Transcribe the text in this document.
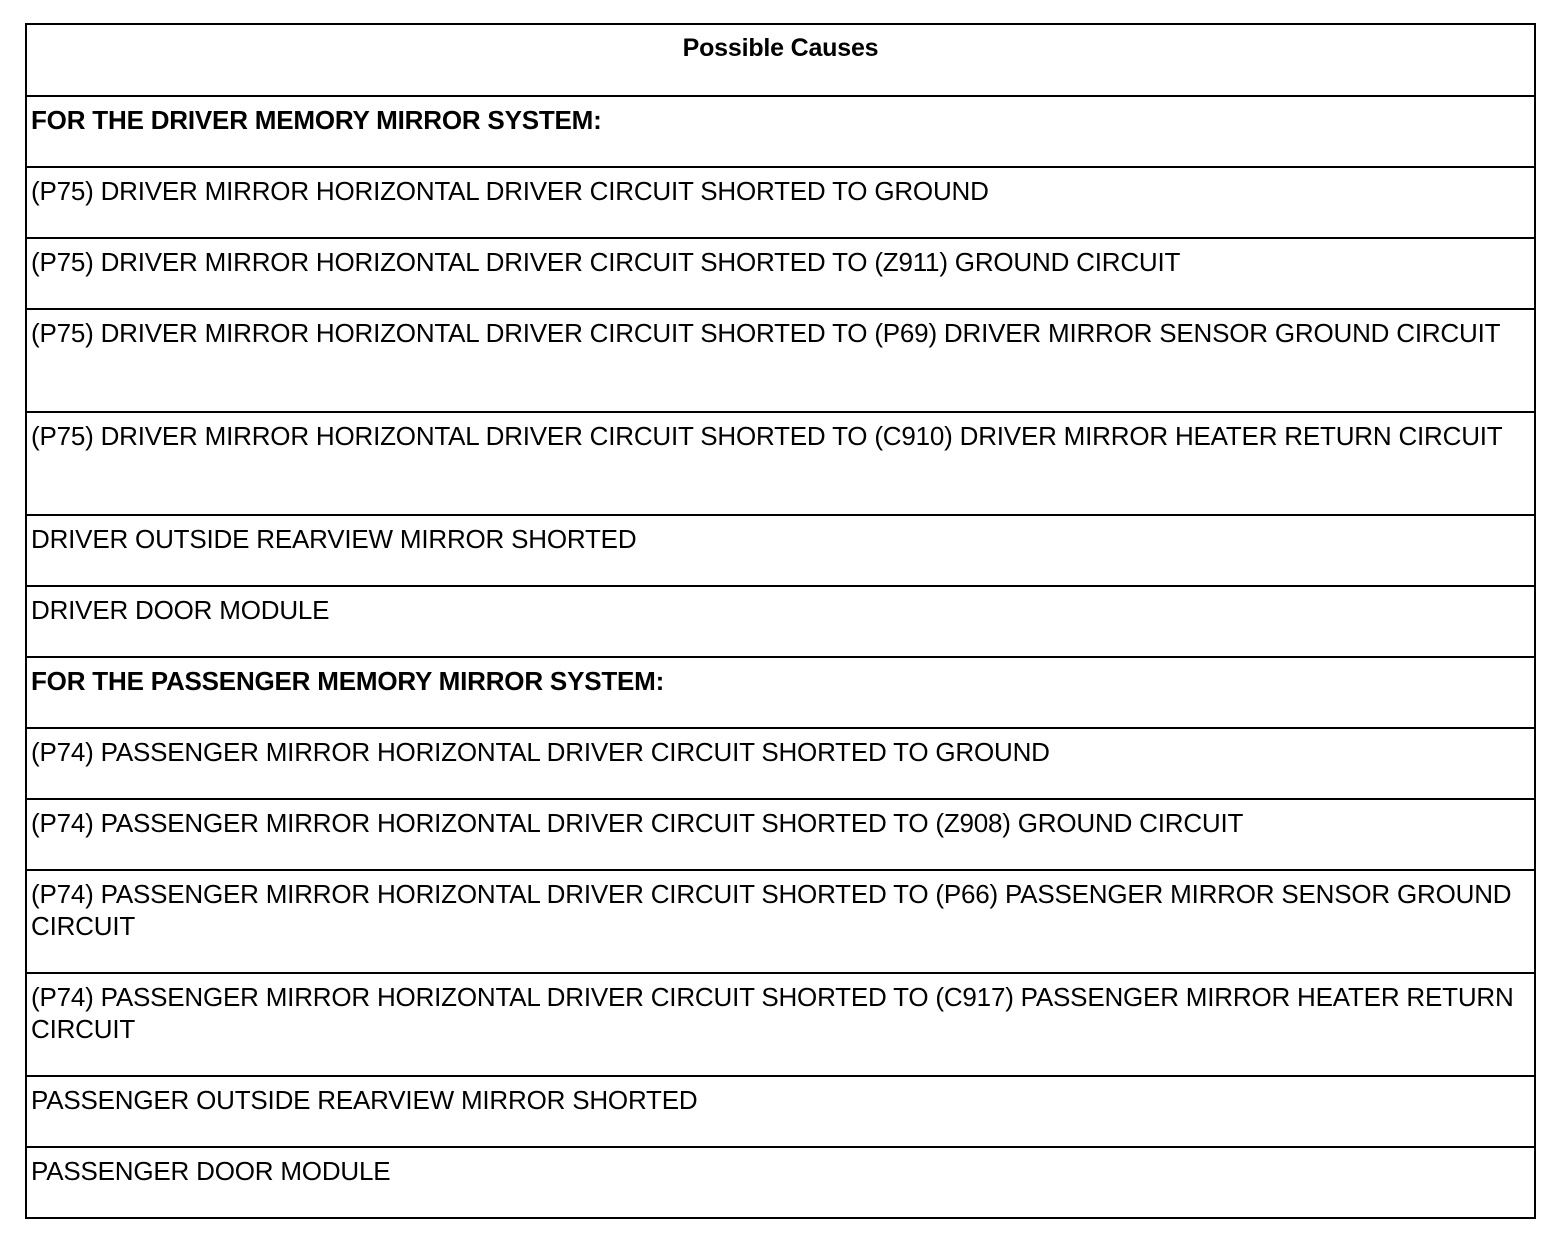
Possible Causes
FOR THE DRIVER MEMORY MIRROR SYSTEM:
(P75) DRIVER MIRROR HORIZONTAL DRIVER CIRCUIT SHORTED TO GROUND
(P75) DRIVER MIRROR HORIZONTAL DRIVER CIRCUIT SHORTED TO (Z911) GROUND CIRCUIT
(P75) DRIVER MIRROR HORIZONTAL DRIVER CIRCUIT SHORTED TO (P69) DRIVER MIRROR SENSOR GROUND CIRCUIT
(P75) DRIVER MIRROR HORIZONTAL DRIVER CIRCUIT SHORTED TO (C910) DRIVER MIRROR HEATER RETURN CIRCUIT
DRIVER OUTSIDE REARVIEW MIRROR SHORTED
DRIVER DOOR MODULE
FOR THE PASSENGER MEMORY MIRROR SYSTEM:
(P74) PASSENGER MIRROR HORIZONTAL DRIVER CIRCUIT SHORTED TO GROUND
(P74) PASSENGER MIRROR HORIZONTAL DRIVER CIRCUIT SHORTED TO (Z908) GROUND CIRCUIT
(P74) PASSENGER MIRROR HORIZONTAL DRIVER CIRCUIT SHORTED TO (P66) PASSENGER MIRROR SENSOR GROUND CIRCUIT
(P74) PASSENGER MIRROR HORIZONTAL DRIVER CIRCUIT SHORTED TO (C917) PASSENGER MIRROR HEATER RETURN CIRCUIT
PASSENGER OUTSIDE REARVIEW MIRROR SHORTED
PASSENGER DOOR MODULE
